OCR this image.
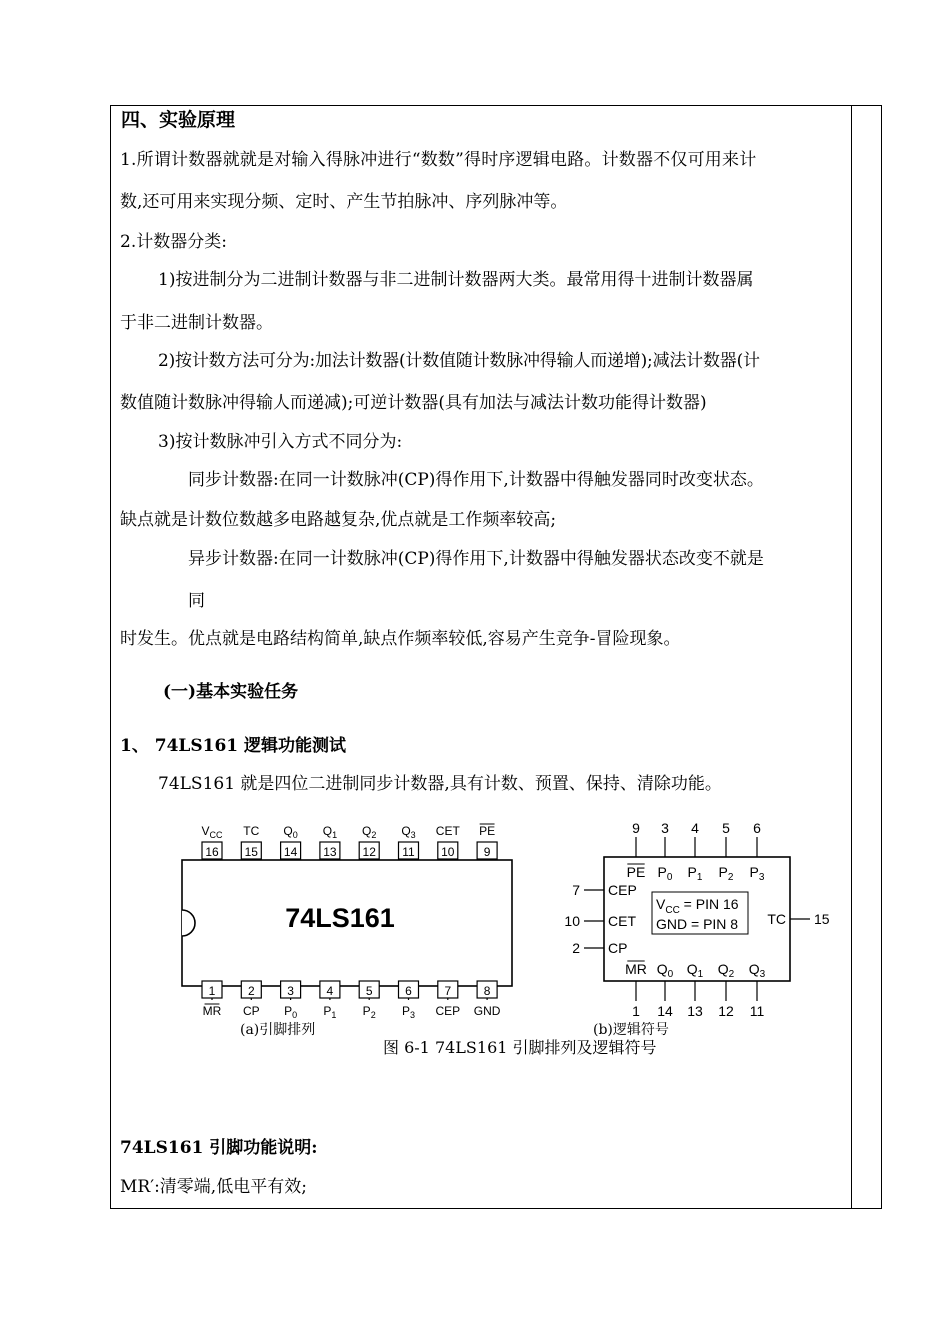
四、实验原理
1.所谓计数器就就是对输入得脉冲进行“数数”得时序逻辑电路。计数器不仅可用来计
数,还可用来实现分频、定时、产生节拍脉冲、序列脉冲等。
2.计数器分类:
1)按进制分为二进制计数器与非二进制计数器两大类。最常用得十进制计数器属
于非二进制计数器。
2)按计数方法可分为:加法计数器(计数值随计数脉冲得输人而递增);减法计数器(计
数值随计数脉冲得输人而递减);可逆计数器(具有加法与减法计数功能得计数器)
3)按计数脉冲引入方式不同分为:
同步计数器:在同一计数脉冲(CP)得作用下,计数器中得触发器同时改变状态。
缺点就是计数位数越多电路越复杂,优点就是工作频率较高;
异步计数器:在同一计数脉冲(CP)得作用下,计数器中得触发器状态改变不就是
同
时发生。优点就是电路结构简单,缺点作频率较低,容易产生竞争-冒险现象。
(一)基本实验任务
1、 74LS161 逻辑功能测试
74LS161 就是四位二进制同步计数器,具有计数、预置、保持、清除功能。
74LS161
16
$V_{CC}$
15
TC
14
$Q_0$
13
$Q_1$
12
$Q_2$
11
$Q_3$
10
CET
9
PE
1
MR
2
CP
3
$P_0$
4
$P_1$
5
$P_2$
6
$P_3$
7
CEP
8
GND
$V_{CC}$ = PIN 16
GND = PIN 8
9
PE
3
$P_0$
4
$P_1$
5
$P_2$
6
$P_3$
7 CEP
10 CET
2 CP
TC 15
1
MR
14
$Q_0$
13
$Q_1$
12
$Q_2$
11
$Q_3$
(a)引脚排列	(b)逻辑符号
图 6-1 74LS161 引脚排列及逻辑符号
74LS161 引脚功能说明:
MR′:清零端,低电平有效;
